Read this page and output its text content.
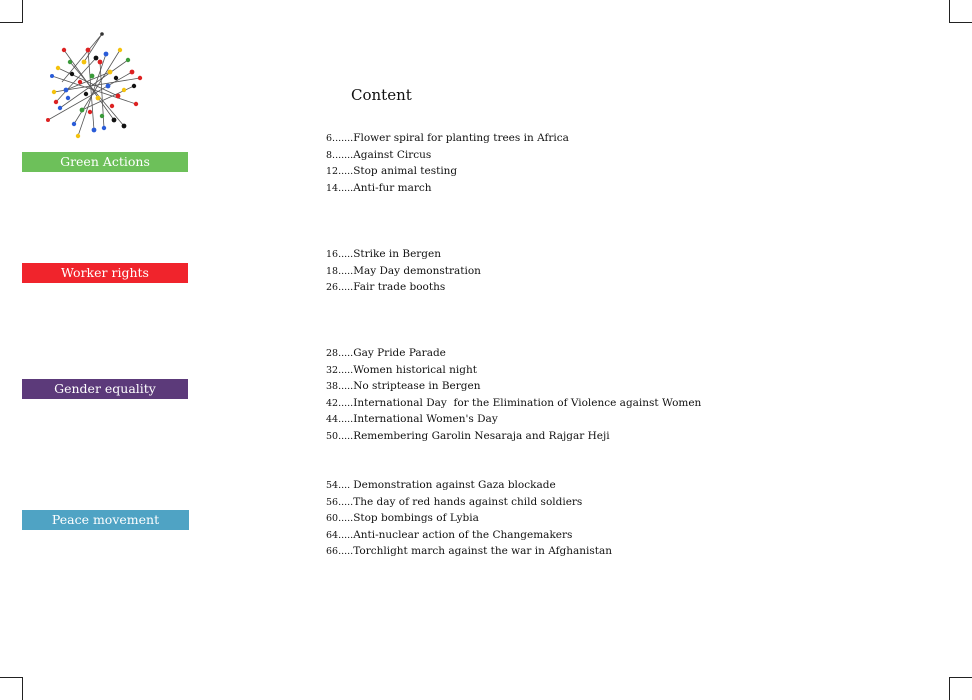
Green Actions
Worker rights
Gender equality
Peace movement
Content
6.......Flower spiral for planting trees in Africa
8.......Against Circus
12.....Stop animal testing
14.....Anti-fur march
16.....Strike in Bergen
18.....May Day demonstration
26.....Fair trade booths
28.....Gay Pride Parade
32.....Women historical night
38.....No striptease in Bergen
42.....International Day  for the Elimination of Violence against Women
44.....International Women's Day
50.....Remembering Garolin Nesaraja and Rajgar Heji
54.... Demonstration against Gaza blockade
56.....The day of red hands against child soldiers
60.....Stop bombings of Lybia
64.....Anti-nuclear action of the Changemakers
66.....Torchlight march against the war in Afghanistan
